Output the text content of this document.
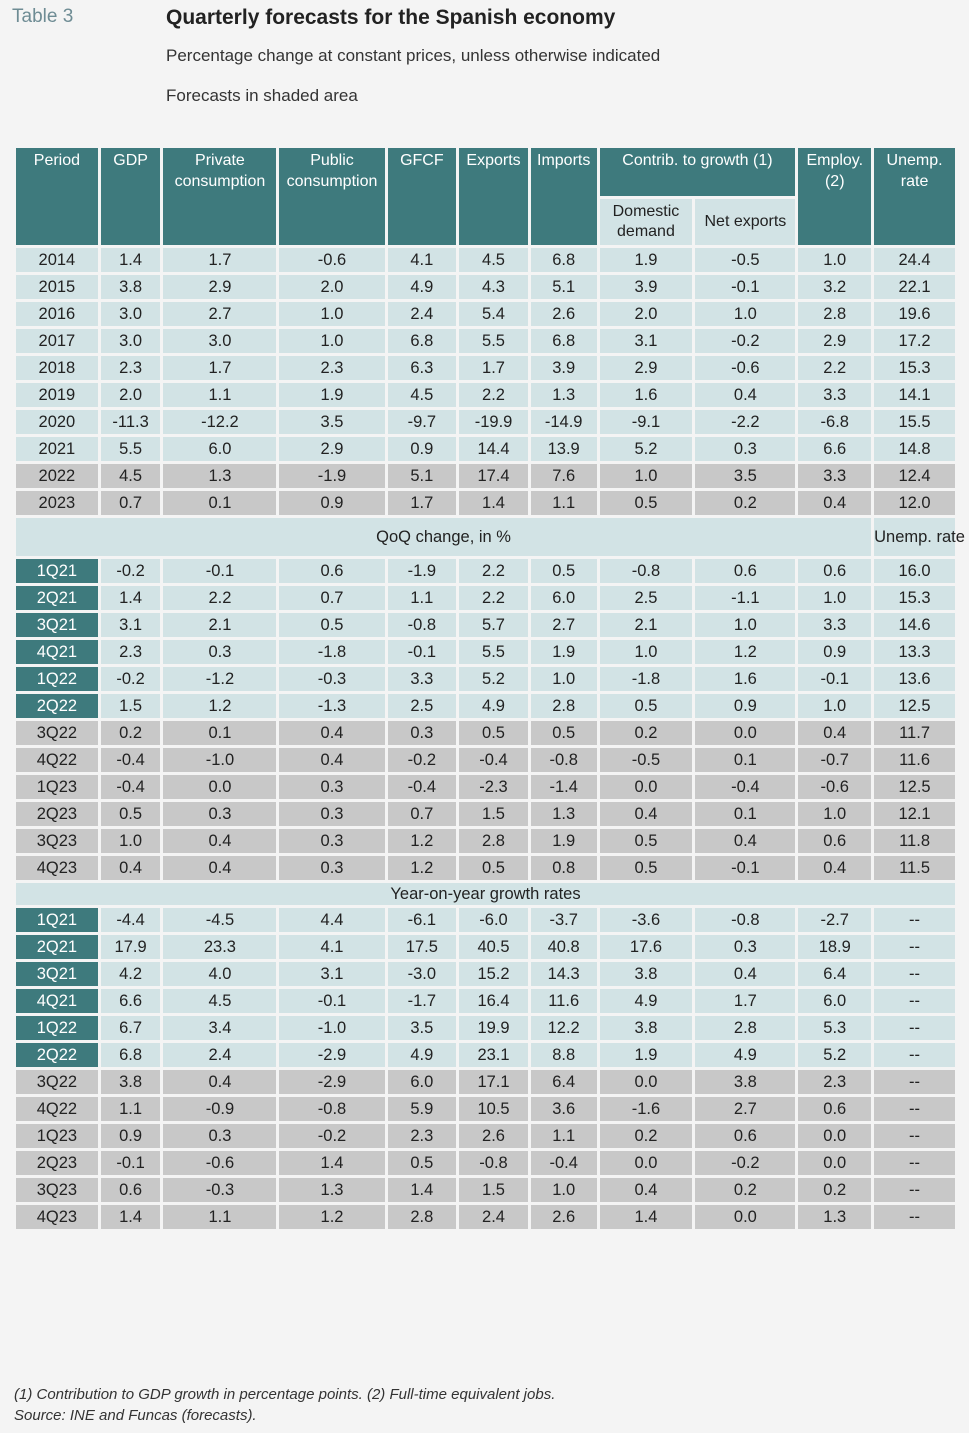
Table 3	Quarterly forecasts for the Spanish economy
Percentage change at constant prices, unless otherwise indicated
Forecasts in shaded area
Period	GDP	Private consumption	Public consumption	GFCF	Exports	Imports	Contrib. to growth (1)		Employ. (2)	Unemp. rate
							Domestic demand	Net exports		
2014	1.4	1.7	-0.6	4.1	4.5	6.8	1.9	-0.5	1.0	24.4
2015	3.8	2.9	2.0	4.9	4.3	5.1	3.9	-0.1	3.2	22.1
2016	3.0	2.7	1.0	2.4	5.4	2.6	2.0	1.0	2.8	19.6
2017	3.0	3.0	1.0	6.8	5.5	6.8	3.1	-0.2	2.9	17.2
2018	2.3	1.7	2.3	6.3	1.7	3.9	2.9	-0.6	2.2	15.3
2019	2.0	1.1	1.9	4.5	2.2	1.3	1.6	0.4	3.3	14.1
2020	-11.3	-12.2	3.5	-9.7	-19.9	-14.9	-9.1	-2.2	-6.8	15.5
2021	5.5	6.0	2.9	0.9	14.4	13.9	5.2	0.3	6.6	14.8
2022	4.5	1.3	-1.9	5.1	17.4	7.6	1.0	3.5	3.3	12.4
2023	0.7	0.1	0.9	1.7	1.4	1.1	0.5	0.2	0.4	12.0
QoQ change, in %										Unemp. rate
1Q21	-0.2	-0.1	0.6	-1.9	2.2	0.5	-0.8	0.6	0.6	16.0
2Q21	1.4	2.2	0.7	1.1	2.2	6.0	2.5	-1.1	1.0	15.3
3Q21	3.1	2.1	0.5	-0.8	5.7	2.7	2.1	1.0	3.3	14.6
4Q21	2.3	0.3	-1.8	-0.1	5.5	1.9	1.0	1.2	0.9	13.3
1Q22	-0.2	-1.2	-0.3	3.3	5.2	1.0	-1.8	1.6	-0.1	13.6
2Q22	1.5	1.2	-1.3	2.5	4.9	2.8	0.5	0.9	1.0	12.5
3Q22	0.2	0.1	0.4	0.3	0.5	0.5	0.2	0.0	0.4	11.7
4Q22	-0.4	-1.0	0.4	-0.2	-0.4	-0.8	-0.5	0.1	-0.7	11.6
1Q23	-0.4	0.0	0.3	-0.4	-2.3	-1.4	0.0	-0.4	-0.6	12.5
2Q23	0.5	0.3	0.3	0.7	1.5	1.3	0.4	0.1	1.0	12.1
3Q23	1.0	0.4	0.3	1.2	2.8	1.9	0.5	0.4	0.6	11.8
4Q23	0.4	0.4	0.3	1.2	0.5	0.8	0.5	-0.1	0.4	11.5
Year-on-year growth rates										
1Q21	-4.4	-4.5	4.4	-6.1	-6.0	-3.7	-3.6	-0.8	-2.7	--
2Q21	17.9	23.3	4.1	17.5	40.5	40.8	17.6	0.3	18.9	--
3Q21	4.2	4.0	3.1	-3.0	15.2	14.3	3.8	0.4	6.4	--
4Q21	6.6	4.5	-0.1	-1.7	16.4	11.6	4.9	1.7	6.0	--
1Q22	6.7	3.4	-1.0	3.5	19.9	12.2	3.8	2.8	5.3	--
2Q22	6.8	2.4	-2.9	4.9	23.1	8.8	1.9	4.9	5.2	--
3Q22	3.8	0.4	-2.9	6.0	17.1	6.4	0.0	3.8	2.3	--
4Q22	1.1	-0.9	-0.8	5.9	10.5	3.6	-1.6	2.7	0.6	--
1Q23	0.9	0.3	-0.2	2.3	2.6	1.1	0.2	0.6	0.0	--
2Q23	-0.1	-0.6	1.4	0.5	-0.8	-0.4	0.0	-0.2	0.0	--
3Q23	0.6	-0.3	1.3	1.4	1.5	1.0	0.4	0.2	0.2	--
4Q23	1.4	1.1	1.2	2.8	2.4	2.6	1.4	0.0	1.3	--
(1) Contribution to GDP growth in percentage points. (2) Full-time equivalent jobs.
Source: INE and Funcas (forecasts).
